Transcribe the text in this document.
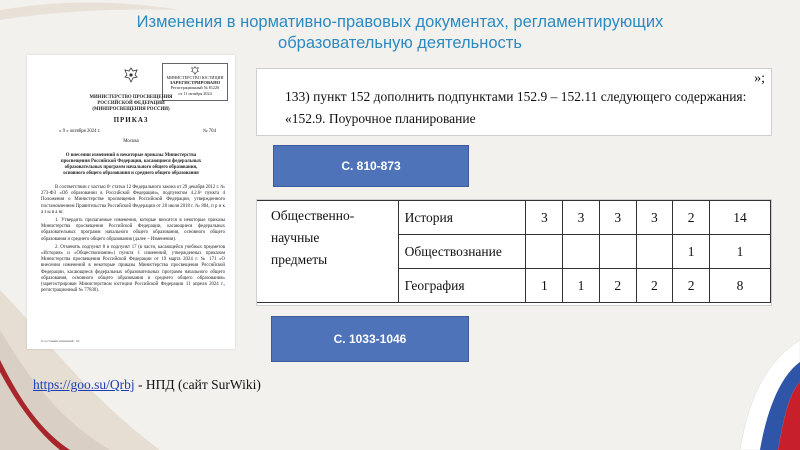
Изменения в нормативно-правовых документах, регламентирующих
образовательную деятельность
МИНИСТЕРСТВО ЮСТИЦИИ
ЗАРЕГИСТРИРОВАНО
Регистрационный № 81226
от 11 октября 2024
МИНИСТЕРСТВО ПРОСВЕЩЕНИЯ
РОССИЙСКОЙ ФЕДЕРАЦИИ
(МИНПРОСВЕЩЕНИЯ РОССИИ)
ПРИКАЗ
« 9 » октября 2024 г.	№ 704
Москва
О внесении изменений в некоторые приказы Министерства просвещения Российской Федерации, касающиеся федеральных образовательных программ начального общего образования, основного общего образования и среднего общего образования

В соответствии с частью 6¹ статьи 12 Федерального закона от 29 декабря 2012 г. № 273-ФЗ «Об образовании в Российской Федерации», подпунктом 4.2.6¹ пункта 4 Положения о Министерстве просвещения Российской Федерации, утвержденного постановлением Правительства Российской Федерации от 28 июля 2018 г. № 884, п р и к а з ы в а ю:

1. Утвердить прилагаемые изменения, которые вносятся в некоторые приказы Министерства просвещения Российской Федерации, касающиеся федеральных образовательных программ начального общего образования, основного общего образования и среднего общего образования (далее – Изменения).

2. Отменить подпункт 8 и подпункт 17 (в части, касающейся учебных предметов «История» и «Обществознание») пункта 1 изменений, утвержденных приказом Министерства просвещения Российской Федерации от 19 марта 2024 г. № 171 «О внесении изменений в некоторые приказы Министерства просвещения Российской Федерации, касающиеся федеральных образовательных программ начального общего образования, основного общего образования и среднего общего образования» (зарегистрирован Министерством юстиции Российской Федерации 11 апреля 2024 г., регистрационный № 77830).

О состоянии изменений · 02
»;
133) пункт 152 дополнить подпунктами 152.9 – 152.11 следующего содержания:
«152.9. Поурочное планирование
С. 810-873
Общественно-
научные
предметы	История	3	3	3	3	2	14
	Обществознание					1	1
	География	1	1	2	2	2	8
С. 1033-1046
https://goo.su/Qrbj - НПД (сайт SurWiki)
